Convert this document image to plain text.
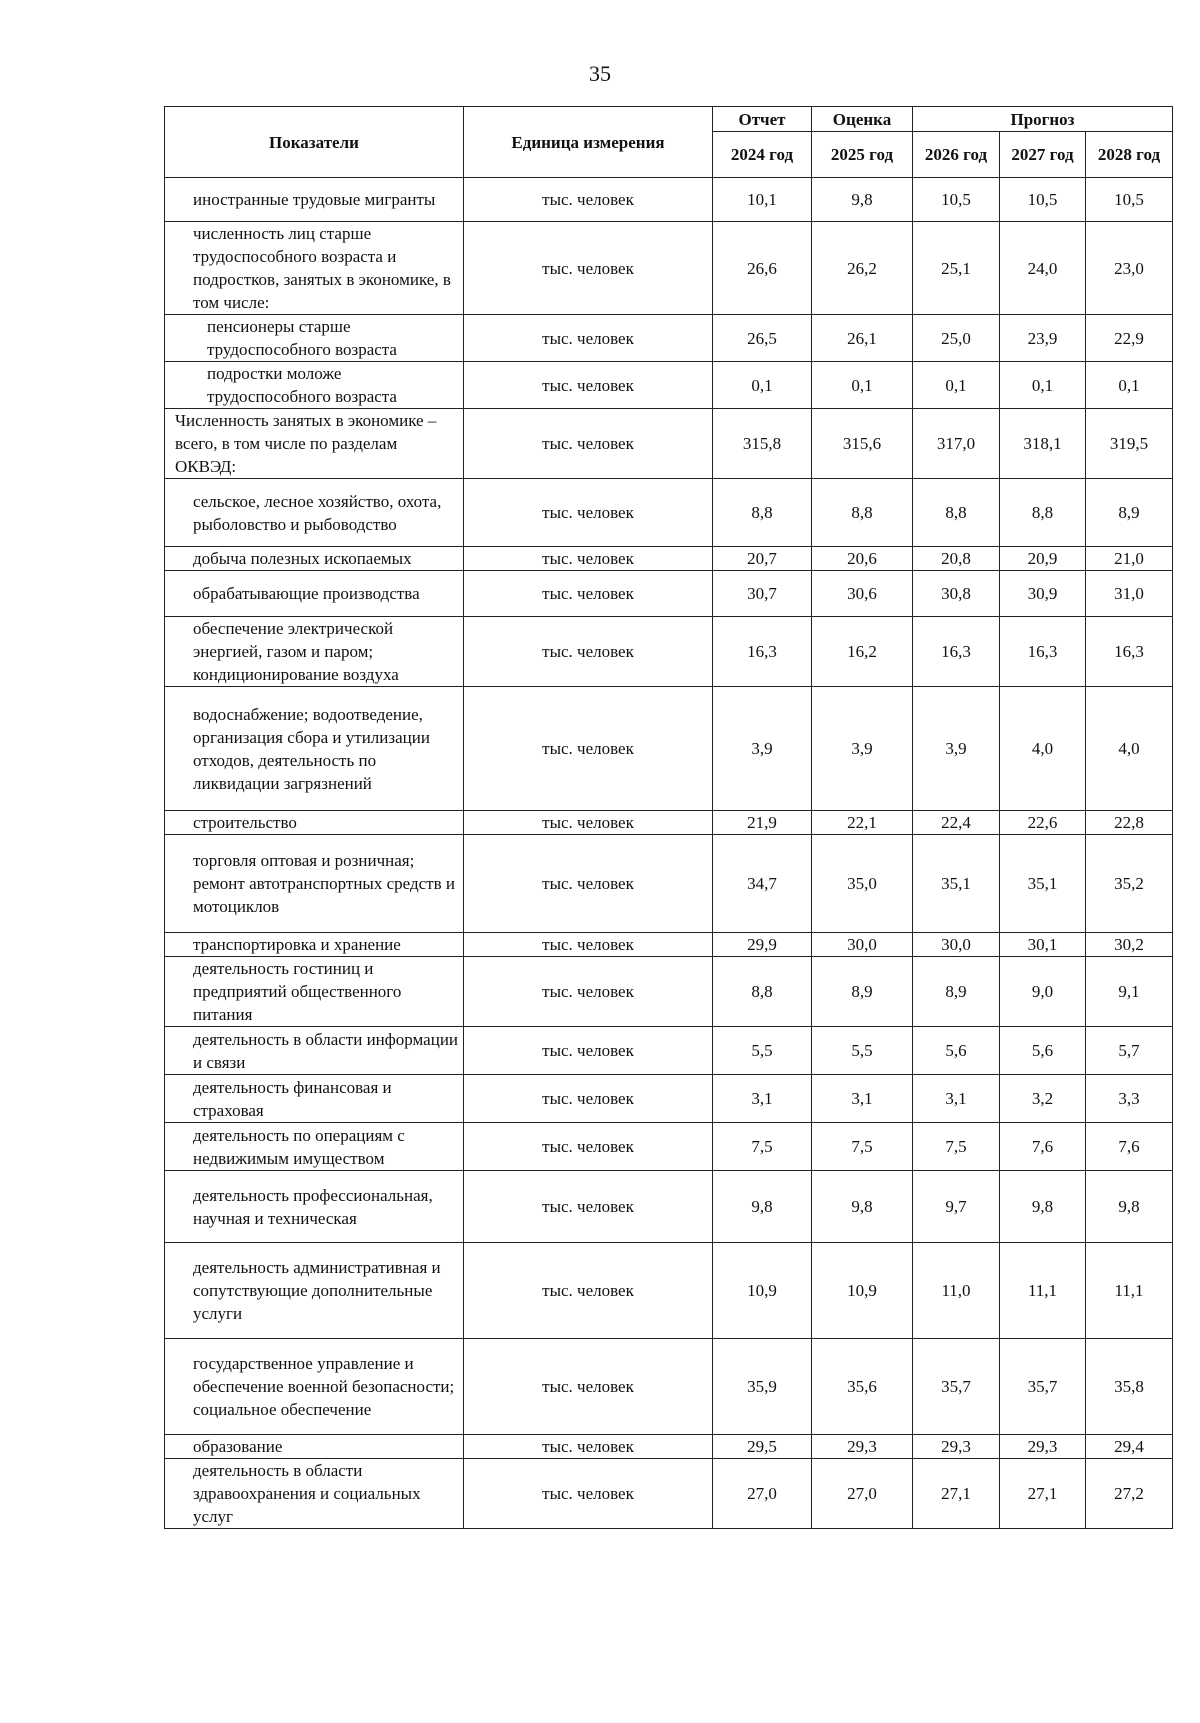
35
Показатели	Единица измерения	Отчет	Оценка	Прогноз		
		2024 год	2025 год	2026 год	2027 год	2028 год
иностранные трудовые мигранты	тыс. человек	10,1	9,8	10,5	10,5	10,5
численность лиц старше трудоспособного возраста и подростков, занятых в экономике, в том числе:	тыс. человек	26,6	26,2	25,1	24,0	23,0
пенсионеры старше трудоспособного возраста	тыс. человек	26,5	26,1	25,0	23,9	22,9
подростки моложе трудоспособного возраста	тыс. человек	0,1	0,1	0,1	0,1	0,1
Численность занятых в экономике – всего, в том числе по разделам ОКВЭД:	тыс. человек	315,8	315,6	317,0	318,1	319,5
сельское, лесное хозяйство, охота, рыболовство и рыбоводство	тыс. человек	8,8	8,8	8,8	8,8	8,9
добыча полезных ископаемых	тыс. человек	20,7	20,6	20,8	20,9	21,0
обрабатывающие производства	тыс. человек	30,7	30,6	30,8	30,9	31,0
обеспечение электрической энергией, газом и паром; кондиционирование воздуха	тыс. человек	16,3	16,2	16,3	16,3	16,3
водоснабжение; водоотведение, организация сбора и утилизации отходов, деятельность по ликвидации загрязнений	тыс. человек	3,9	3,9	3,9	4,0	4,0
строительство	тыс. человек	21,9	22,1	22,4	22,6	22,8
торговля оптовая и розничная; ремонт автотранспортных средств и мотоциклов	тыс. человек	34,7	35,0	35,1	35,1	35,2
транспортировка и хранение	тыс. человек	29,9	30,0	30,0	30,1	30,2
деятельность гостиниц и предприятий общественного питания	тыс. человек	8,8	8,9	8,9	9,0	9,1
деятельность в области информации и связи	тыс. человек	5,5	5,5	5,6	5,6	5,7
деятельность финансовая и страховая	тыс. человек	3,1	3,1	3,1	3,2	3,3
деятельность по операциям с недвижимым имуществом	тыс. человек	7,5	7,5	7,5	7,6	7,6
деятельность профессиональная, научная и техническая	тыс. человек	9,8	9,8	9,7	9,8	9,8
деятельность административная и сопутствующие дополнительные услуги	тыс. человек	10,9	10,9	11,0	11,1	11,1
государственное управление и обеспечение военной безопасности; социальное обеспечение	тыс. человек	35,9	35,6	35,7	35,7	35,8
образование	тыс. человек	29,5	29,3	29,3	29,3	29,4
деятельность в области здравоохранения и социальных услуг	тыс. человек	27,0	27,0	27,1	27,1	27,2
